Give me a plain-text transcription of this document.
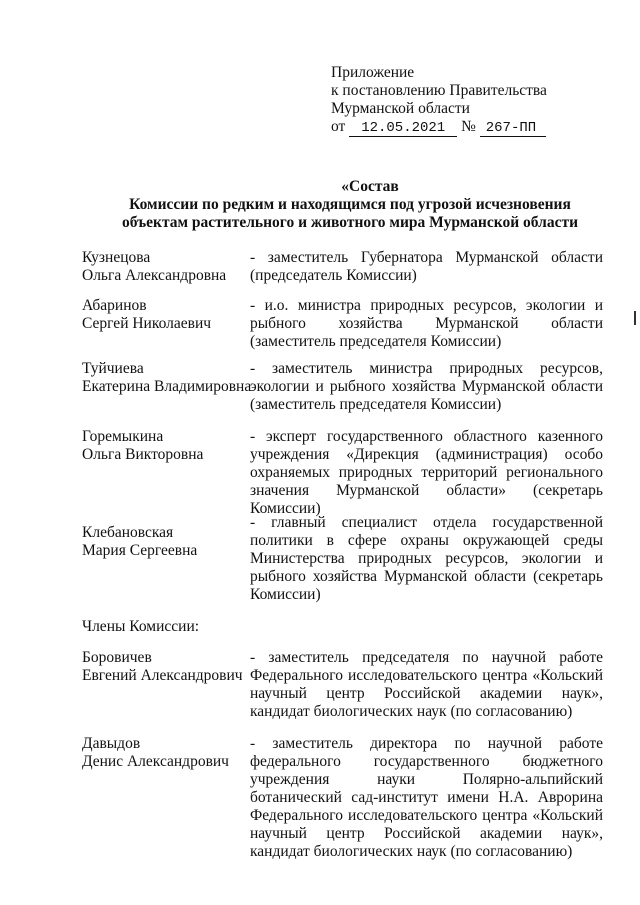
Приложение
к постановлению Правительства
Мурманской области
от 12.05.2021 № 267-ПП
«Состав
Комиссии по редким и находящимся под угрозой исчезновения
объектам растительного и животного мира Мурманской области
Кузнецова
Ольга Александровна
- заместитель Губернатора Мурманской области (председатель Комиссии)
Абаринов
Сергей Николаевич
- и.о. министра природных ресурсов, экологии и рыбного хозяйства Мурманской области (заместитель председателя Комиссии)
Туйчиева
Екатерина Владимировна
- заместитель министра природных ресурсов, экологии и рыбного хозяйства Мурманской области (заместитель председателя Комиссии)
Горемыкина
Ольга Викторовна
- эксперт государственного областного казенного учреждения «Дирекция (администрация) особо охраняемых природных территорий регионального значения Мурманской области» (секретарь Комиссии)
Клебановская
Мария Сергеевна
- главный специалист отдела государственной политики в сфере охраны окружающей среды Министерства природных ресурсов, экологии и рыбного хозяйства Мурманской области (секретарь Комиссии)
Члены Комиссии:
Боровичев
Евгений Александрович
- заместитель председателя по научной работе Федерального исследовательского центра «Кольский научный центр Российской академии наук», кандидат биологических наук (по согласованию)
Давыдов
Денис Александрович
- заместитель директора по научной работе федерального государственного бюджетного учреждения науки Полярно-альпийский ботанический сад-институт имени Н.А. Аврорина Федерального исследовательского центра «Кольский научный центр Российской академии наук», кандидат биологических наук (по согласованию)
